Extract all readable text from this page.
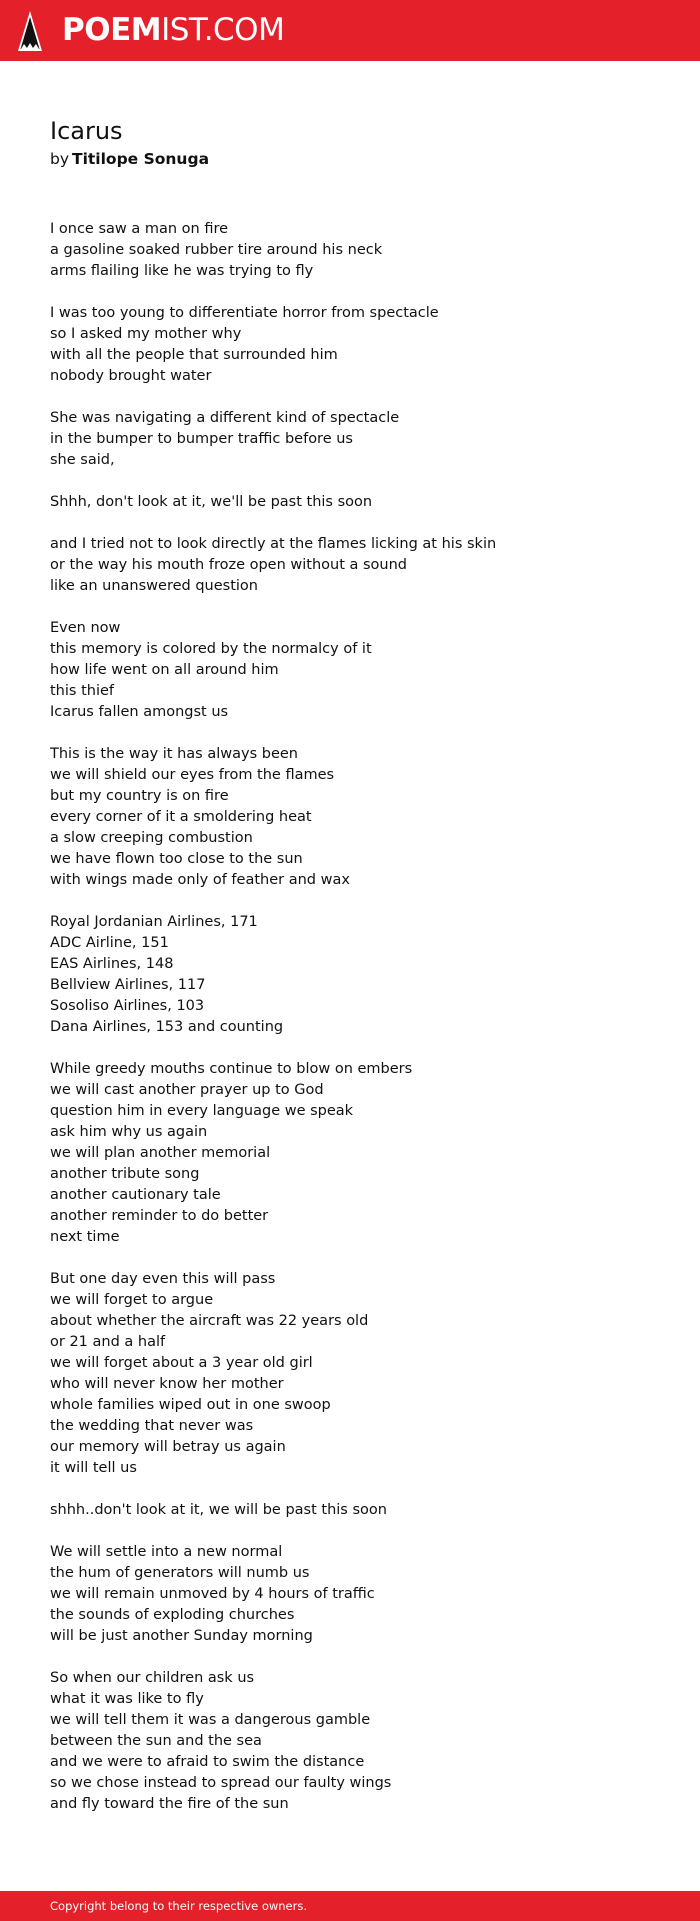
POEMIST.COM
Icarus
by Titilope Sonuga
I once saw a man on fire
a gasoline soaked rubber tire around his neck
arms flailing like he was trying to fly
I was too young to differentiate horror from spectacle
so I asked my mother why
with all the people that surrounded him
nobody brought water
She was navigating a different kind of spectacle
in the bumper to bumper traffic before us
she said,
Shhh, don't look at it, we'll be past this soon
and I tried not to look directly at the flames licking at his skin
or the way his mouth froze open without a sound
like an unanswered question
Even now
this memory is colored by the normalcy of it
how life went on all around him
this thief
Icarus fallen amongst us
This is the way it has always been
we will shield our eyes from the flames
but my country is on fire
every corner of it a smoldering heat
a slow creeping combustion
we have flown too close to the sun
with wings made only of feather and wax
Royal Jordanian Airlines, 171
ADC Airline, 151
EAS Airlines, 148
Bellview Airlines, 117
Sosoliso Airlines, 103
Dana Airlines, 153 and counting
While greedy mouths continue to blow on embers
we will cast another prayer up to God
question him in every language we speak
ask him why us again
we will plan another memorial
another tribute song
another cautionary tale
another reminder to do better
next time
But one day even this will pass
we will forget to argue
about whether the aircraft was 22 years old
or 21 and a half
we will forget about a 3 year old girl
who will never know her mother
whole families wiped out in one swoop
the wedding that never was
our memory will betray us again
it will tell us
shhh..don't look at it, we will be past this soon
We will settle into a new normal
the hum of generators will numb us
we will remain unmoved by 4 hours of traffic
the sounds of exploding churches
will be just another Sunday morning
So when our children ask us
what it was like to fly
we will tell them it was a dangerous gamble
between the sun and the sea
and we were to afraid to swim the distance
so we chose instead to spread our faulty wings
and fly toward the fire of the sun
Copyright belong to their respective owners.
